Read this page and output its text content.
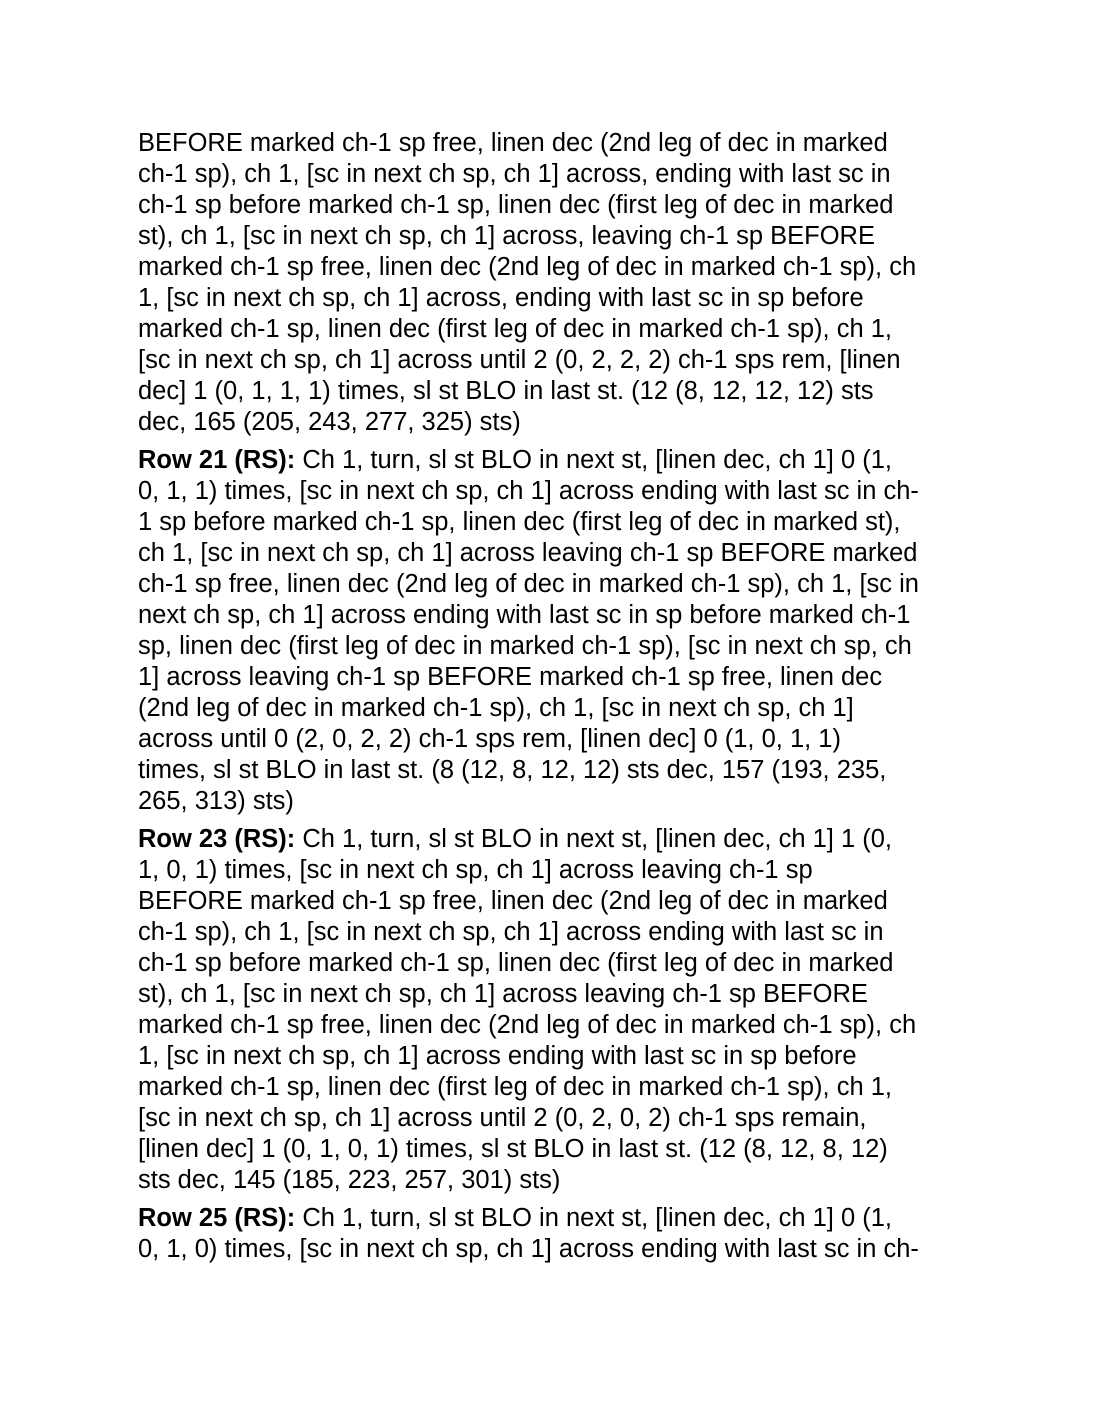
BEFORE marked ch-1 sp free, linen dec (2nd leg of dec in marked
ch-1 sp), ch 1, [sc in next ch sp, ch 1] across, ending with last sc in
ch-1 sp before marked ch-1 sp, linen dec (first leg of dec in marked
st), ch 1, [sc in next ch sp, ch 1] across, leaving ch-1 sp BEFORE
marked ch-1 sp free, linen dec (2nd leg of dec in marked ch-1 sp), ch
1, [sc in next ch sp, ch 1] across, ending with last sc in sp before
marked ch-1 sp, linen dec (first leg of dec in marked ch-1 sp), ch 1,
[sc in next ch sp, ch 1] across until 2 (0, 2, 2, 2) ch-1 sps rem, [linen
dec] 1 (0, 1, 1, 1) times, sl st BLO in last st. (12 (8, 12, 12, 12) sts
dec, 165 (205, 243, 277, 325) sts)
Row 21 (RS): Ch 1, turn, sl st BLO in next st, [linen dec, ch 1] 0 (1,
0, 1, 1) times, [sc in next ch sp, ch 1] across ending with last sc in ch-
1 sp before marked ch-1 sp, linen dec (first leg of dec in marked st),
ch 1, [sc in next ch sp, ch 1] across leaving ch-1 sp BEFORE marked
ch-1 sp free, linen dec (2nd leg of dec in marked ch-1 sp), ch 1, [sc in
next ch sp, ch 1] across ending with last sc in sp before marked ch-1
sp, linen dec (first leg of dec in marked ch-1 sp), [sc in next ch sp, ch
1] across leaving ch-1 sp BEFORE marked ch-1 sp free, linen dec
(2nd leg of dec in marked ch-1 sp), ch 1, [sc in next ch sp, ch 1]
across until 0 (2, 0, 2, 2) ch-1 sps rem, [linen dec] 0 (1, 0, 1, 1)
times, sl st BLO in last st. (8 (12, 8, 12, 12) sts dec, 157 (193, 235,
265, 313) sts)
Row 23 (RS): Ch 1, turn, sl st BLO in next st, [linen dec, ch 1] 1 (0,
1, 0, 1) times, [sc in next ch sp, ch 1] across leaving ch-1 sp
BEFORE marked ch-1 sp free, linen dec (2nd leg of dec in marked
ch-1 sp), ch 1, [sc in next ch sp, ch 1] across ending with last sc in
ch-1 sp before marked ch-1 sp, linen dec (first leg of dec in marked
st), ch 1, [sc in next ch sp, ch 1] across leaving ch-1 sp BEFORE
marked ch-1 sp free, linen dec (2nd leg of dec in marked ch-1 sp), ch
1, [sc in next ch sp, ch 1] across ending with last sc in sp before
marked ch-1 sp, linen dec (first leg of dec in marked ch-1 sp), ch 1,
[sc in next ch sp, ch 1] across until 2 (0, 2, 0, 2) ch-1 sps remain,
[linen dec] 1 (0, 1, 0, 1) times, sl st BLO in last st. (12 (8, 12, 8, 12)
sts dec, 145 (185, 223, 257, 301) sts)
Row 25 (RS): Ch 1, turn, sl st BLO in next st, [linen dec, ch 1] 0 (1,
0, 1, 0) times, [sc in next ch sp, ch 1] across ending with last sc in ch-
